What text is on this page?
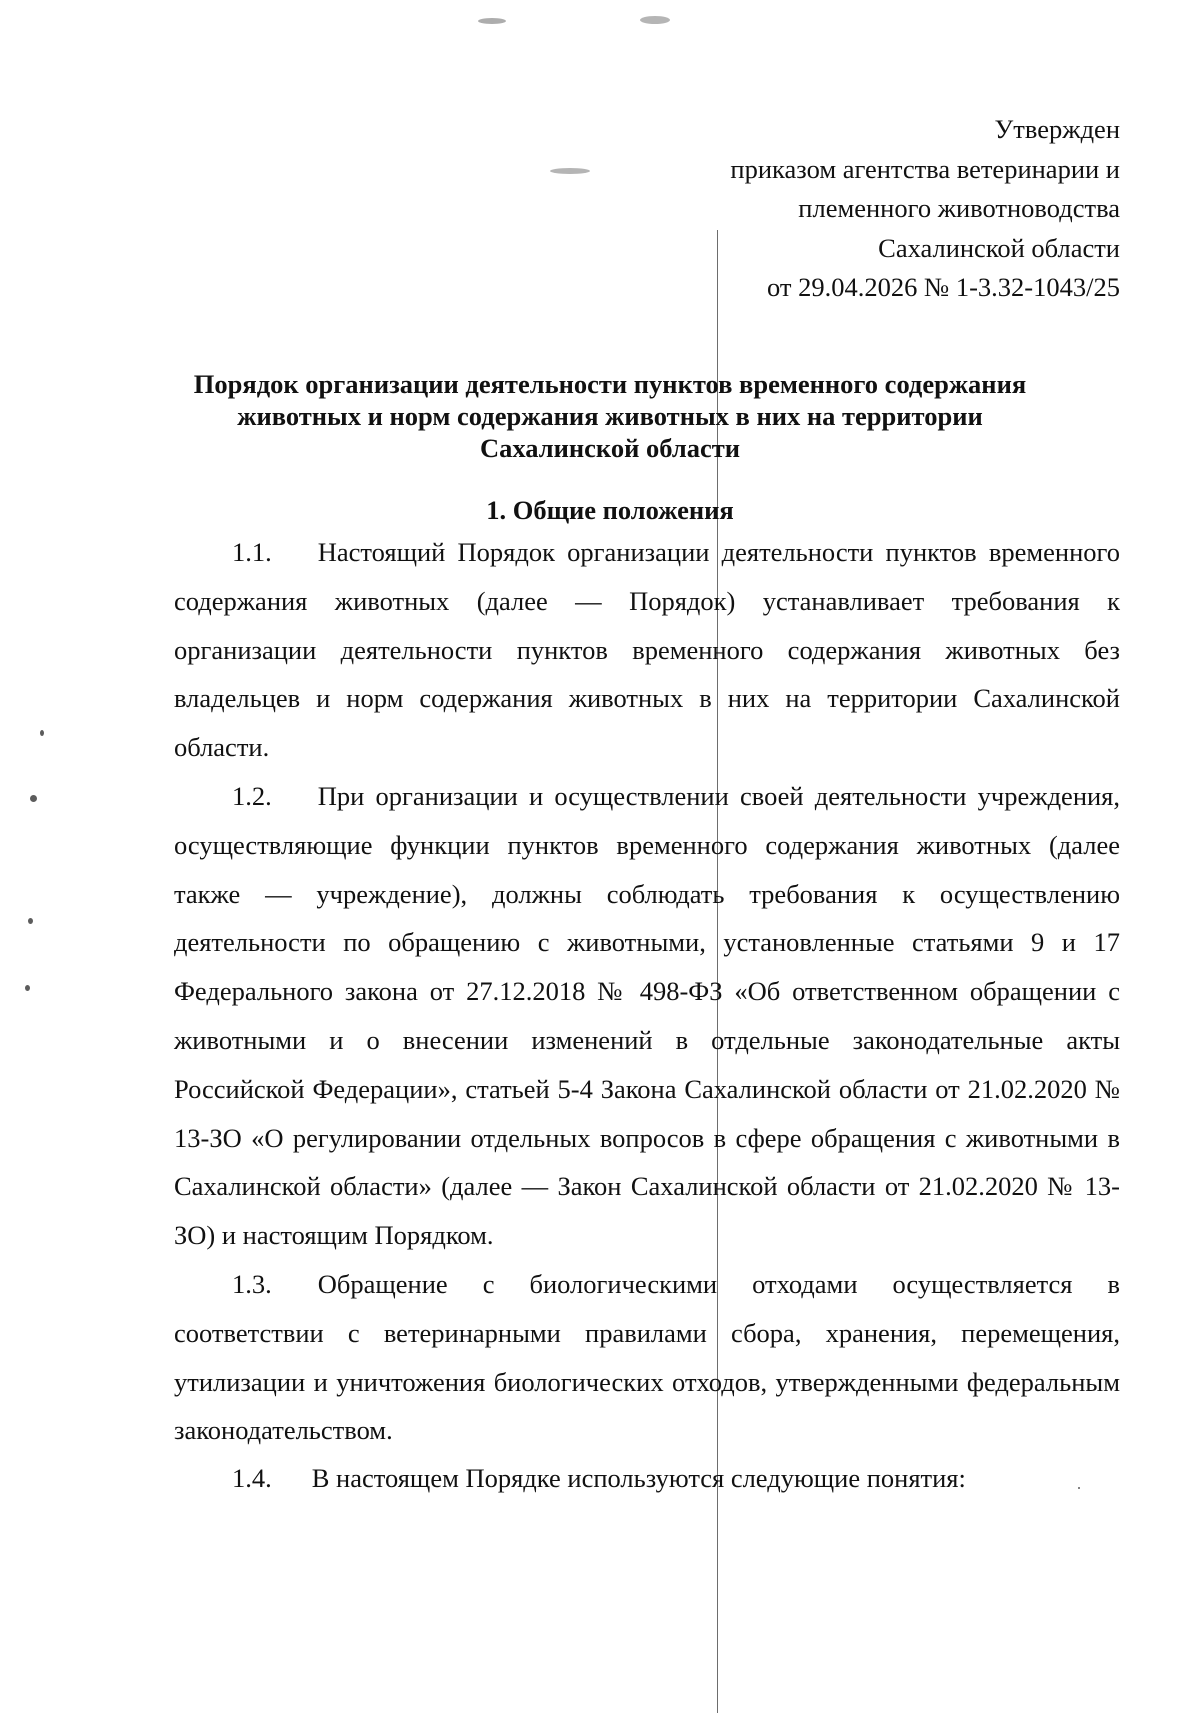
Утвержден
приказом агентства ветеринарии и
племенного животноводства
Сахалинской области
от 29.04.2026 № 1-3.32-1043/25
Порядок организации деятельности пунктов временного содержания
животных и норм содержания животных в них на территории
Сахалинской области
1. Общие положения
1.1. Настоящий Порядок организации деятельности пунктов временного содержания животных (далее — Порядок) устанавливает требования к организации деятельности пунктов временного содержания животных без владельцев и норм содержания животных в них на территории Сахалинской области.
1.2. При организации и осуществлении своей деятельности учреждения, осуществляющие функции пунктов временного содержания животных (далее также — учреждение), должны соблюдать требования к осуществлению деятельности по обращению с животными, установленные статьями 9 и 17 Федерального закона от 27.12.2018 № 498-ФЗ «Об ответственном обращении с животными и о внесении изменений в отдельные законодательные акты Российской Федерации», статьей 5-4 Закона Сахалинской области от 21.02.2020 № 13-ЗО «О регулировании отдельных вопросов в сфере обращения с животными в Сахалинской области» (далее — Закон Сахалинской области от 21.02.2020 № 13-ЗО) и настоящим Порядком.
1.3. Обращение с биологическими отходами осуществляется в соответствии с ветеринарными правилами сбора, хранения, перемещения, утилизации и уничтожения биологических отходов, утвержденными федеральным законодательством.
1.4. В настоящем Порядке используются следующие понятия:
